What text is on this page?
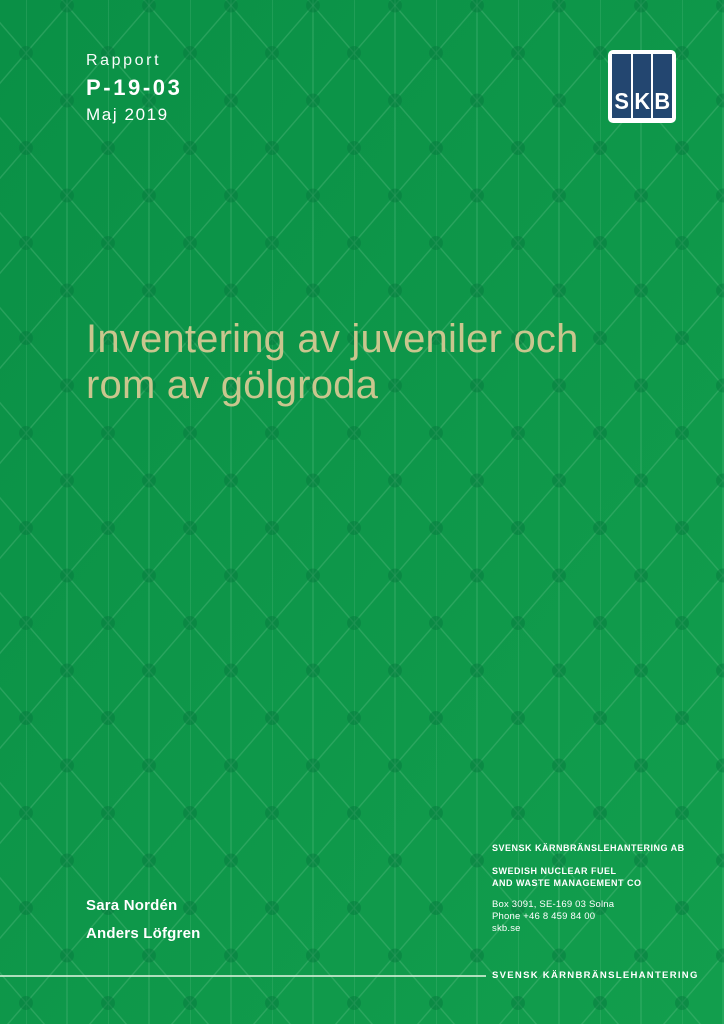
Rapport
P-19-03
Maj 2019
S K B
Inventering av juveniler och
rom av gölgroda
Sara Nordén
Anders Löfgren
SVENSK KÄRNBRÄNSLEHANTERING AB
SWEDISH NUCLEAR FUEL
AND WASTE MANAGEMENT CO
Box 3091, SE-169 03 Solna
Phone +46 8 459 84 00
skb.se
SVENSK KÄRNBRÄNSLEHANTERING
